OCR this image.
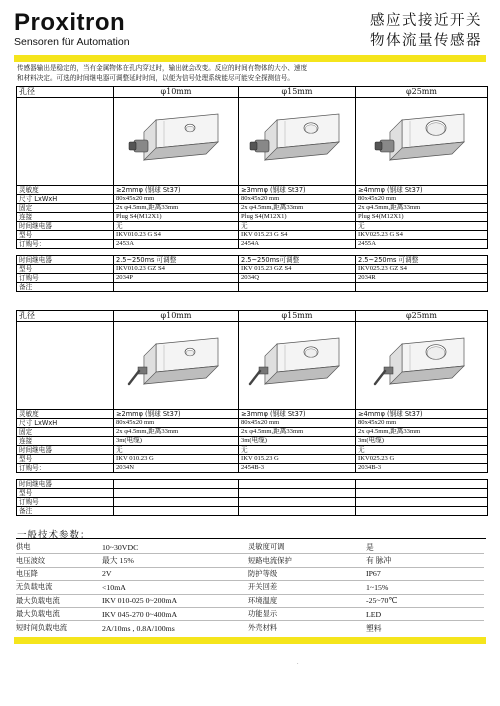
Proxitron
Sensoren für Automation
感应式接近开关
物体流量传感器
传感器输出是稳定的，当有金属物体在孔内穿过时，输出就会改变。反应的时间有物体的大小、速度
和材料决定。可选的时间继电器可调整延时时间，以便为信号处理系统能尽可能安全探测信号。
孔径	φ10mm	φ15mm	φ25mm

灵敏度	≥2mmφ (钢球 St37)	≥3mmφ (钢球 St37)	≥4mmφ (钢球 St37)
尺寸 LxWxH	80x45x20 mm	80x45x20 mm	80x45x20 mm
固定	2x φ4.5mm,距离33mm	2x φ4.5mm,距离33mm	2x φ4.5mm,距离33mm
连接	Plug S4(M12X1)	Plug S4(M12X1)	Plug S4(M12X1)
时间继电器	无	无	无
型号	IKV010.23 G S4	IKV 015.23 G S4	IKV025.23 G S4
订购号：	2453A	2454A	2455A

时间继电器	2.5~250ms 可调整	2.5~250ms可调整	2.5~250ms 可调整
型号	IKV010.23 GZ S4	IKV 015.23 GZ S4	IKV025.23 GZ S4
订购号	2034P	2034Q	2034R
备注			
孔径	φ10mm	φ15mm	φ25mm

灵敏度	≥2mmφ (钢球 St37)	≥3mmφ (钢球 St37)	≥4mmφ (钢球 St37)
尺寸 LxWxH	80x45x20 mm	80x45x20 mm	80x45x20 mm
固定	2x φ4.5mm,距离33mm	2x φ4.5mm,距离33mm	2x φ4.5mm,距离33mm
连接	3m(电缆)	3m(电缆)	3m(电缆)
时间继电器	无	无	无
型号	IKV 010.23 G	IKV 015.23 G	IKV025.23 G
订购号：	2034N	2454B-3	2034B-3

时间继电器			
型号			
订购号			
备注			
一般技术参数：
供电	10~30VDC	灵敏度可调	是
电压波纹	最大 15%	短路电流保护	有 脉冲
电压降	2V	防护等级	IP67
无负载电流	<10mA	开关回差	1~15%
最大负载电流	IKV 010-025 0~200mA	环境温度	-25~70℃
最大负载电流	IKV 045-270 0~400mA	功能显示	LED
短时间负载电流	2A/10ms , 0.8A/100ms	外壳材料	塑料
.
